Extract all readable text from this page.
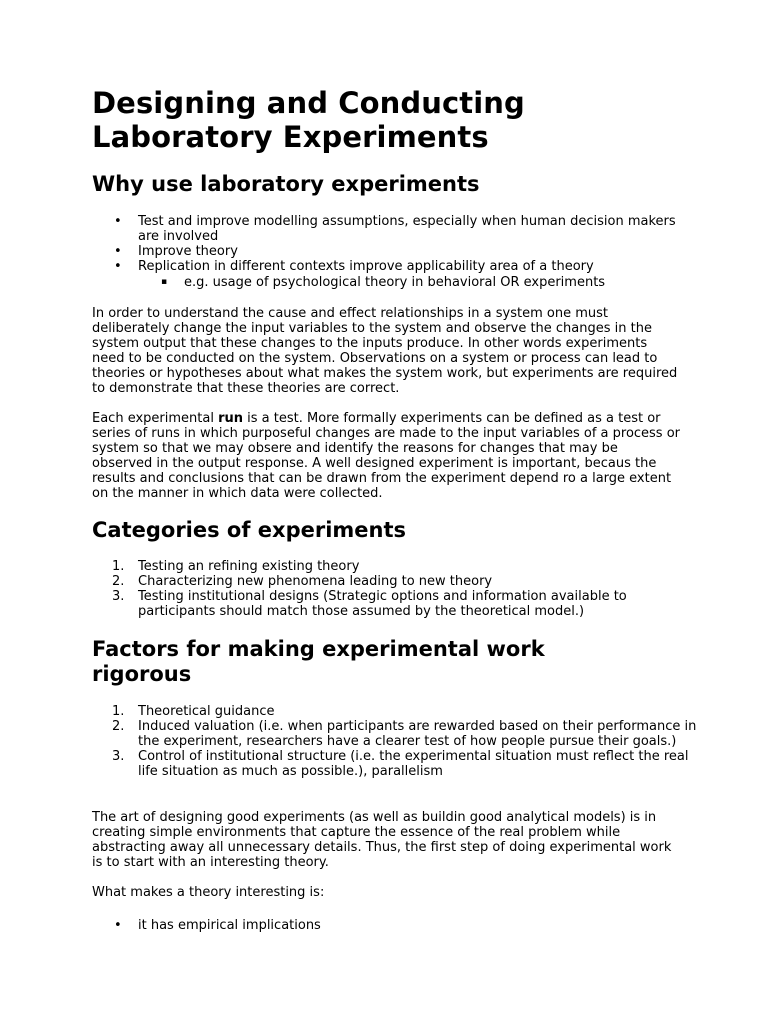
Designing and Conducting
Laboratory Experiments
Why use laboratory experiments
• Test and improve modelling assumptions, especially when human decision makers are involved
• Improve theory
• Replication in different contexts improve applicability area of a theory
▪ e.g. usage of psychological theory in behavioral OR experiments

In order to understand the cause and effect relationships in a system one must deliberately change the input variables to the system and observe the changes in the system output that these changes to the inputs produce. In other words experiments need to be conducted on the system. Observations on a system or process can lead to theories or hypotheses about what makes the system work, but experiments are required to demonstrate that these theories are correct.

Each experimental run is a test. More formally experiments can be defined as a test or series of runs in which purposeful changes are made to the input variables of a process or system so that we may obsere and identify the reasons for changes that may be observed in the output response. A well designed experiment is important, becaus the results and conclusions that can be drawn from the experiment depend ro a large extent on the manner in which data were collected.

Categories of experiments
1. Testing an refining existing theory
2. Characterizing new phenomena leading to new theory
3. Testing institutional designs (Strategic options and information available to participants should match those assumed by the theoretical model.)
Factors for making experimental work
rigorous
1. Theoretical guidance
2. Induced valuation (i.e. when participants are rewarded based on their performance in the experiment, researchers have a clearer test of how people pursue their goals.)
3. Control of institutional structure (i.e. the experimental situation must reflect the real life situation as much as possible.), parallelism

The art of designing good experiments (as well as buildin good analytical models) is in creating simple environments that capture the essence of the real problem while abstracting away all unnecessary details. Thus, the first step of doing experimental work is to start with an interesting theory.

What makes a theory interesting is:

• it has empirical implications
